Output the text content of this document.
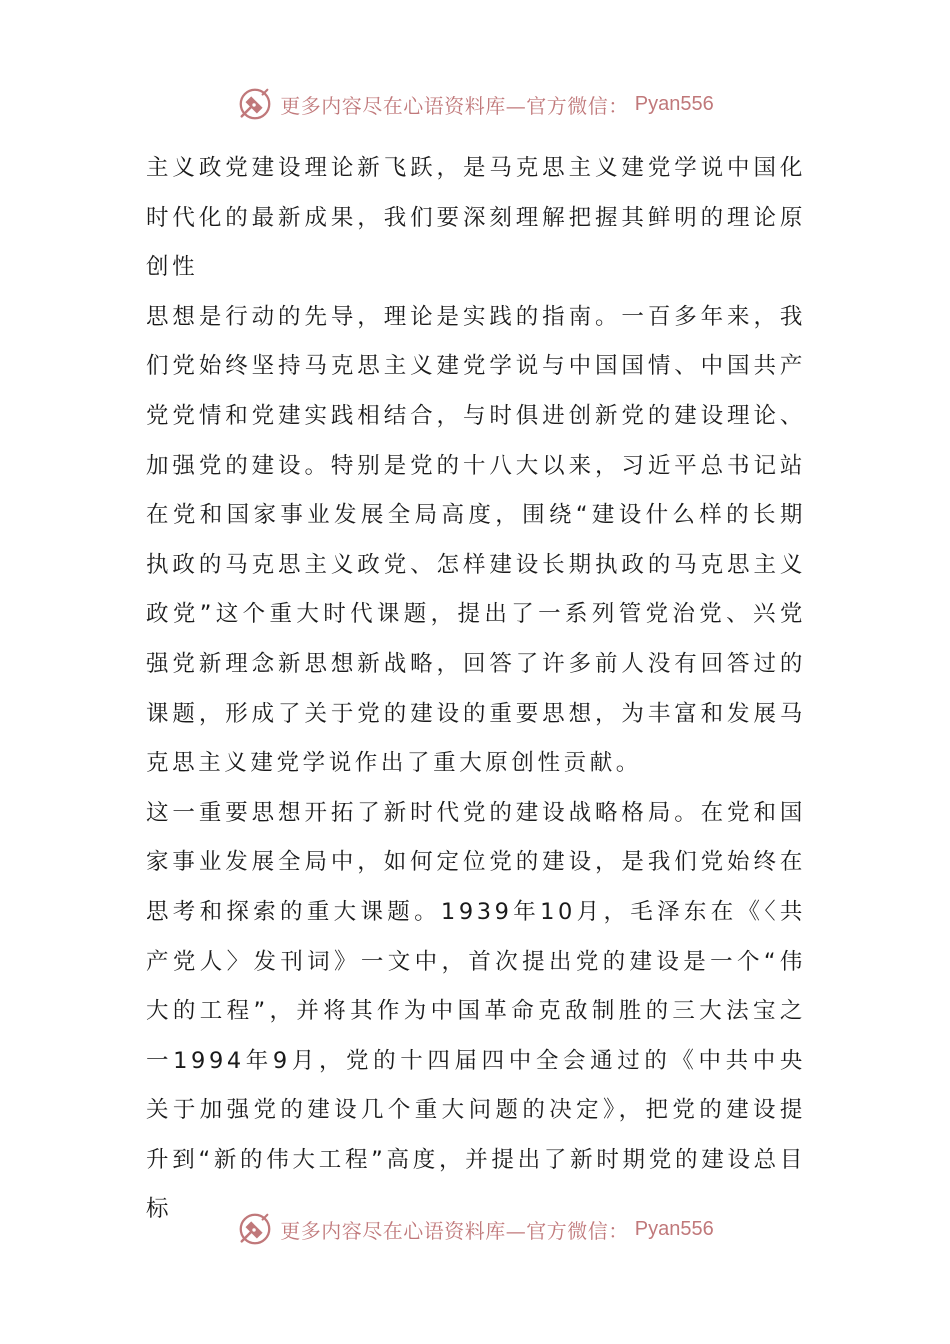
更多内容尽在心语资料库—官方微信： Pyan556

主义政党建设理论新飞跃，是马克思主义建党学说中国化时代化的最新成果，我们要深刻理解把握其鲜明的理论原创性

思想是行动的先导，理论是实践的指南。一百多年来，我们党始终坚持马克思主义建党学说与中国国情、中国共产党党情和党建实践相结合，与时俱进创新党的建设理论、加强党的建设。特别是党的十八大以来，习近平总书记站在党和国家事业发展全局高度，围绕“建设什么样的长期执政的马克思主义政党、怎样建设长期执政的马克思主义政党”这个重大时代课题，提出了一系列管党治党、兴党强党新理念新思想新战略，回答了许多前人没有回答过的课题，形成了关于党的建设的重要思想，为丰富和发展马克思主义建党学说作出了重大原创性贡献。

这一重要思想开拓了新时代党的建设战略格局。在党和国家事业发展全局中，如何定位党的建设，是我们党始终在思考和探索的重大课题。1939年10月，毛泽东在《〈共产党人〉发刊词》一文中，首次提出党的建设是一个“伟大的工程”，并将其作为中国革命克敌制胜的三大法宝之一1994年9月，党的十四届四中全会通过的《中共中央关于加强党的建设几个重大问题的决定》，把党的建设提升到“新的伟大工程”高度，并提出了新时期党的建设总目标

更多内容尽在心语资料库—官方微信： Pyan556
